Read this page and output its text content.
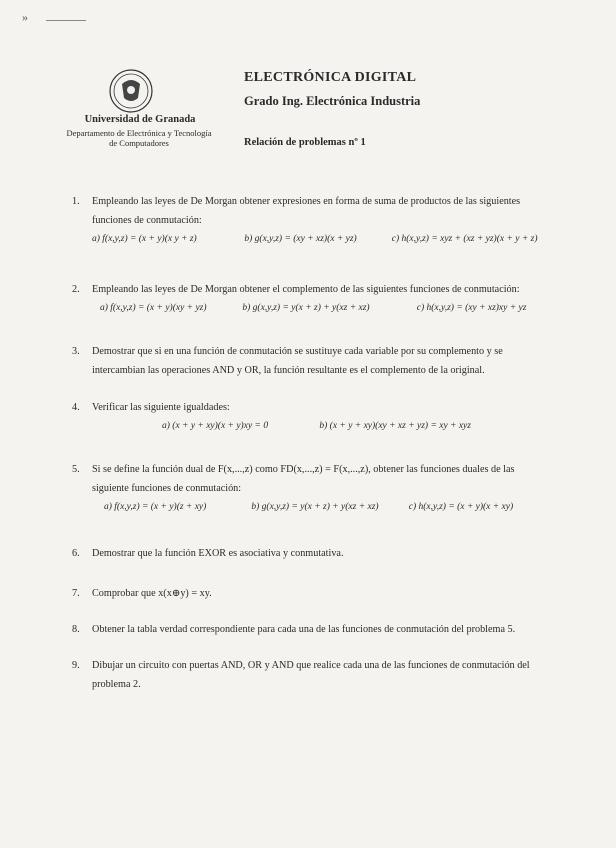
»
Universidad de Granada
Departamento de Electrónica y Tecnología
de Computadores
ELECTRÓNICA DIGITAL
Grado Ing. Electrónica Industria
Relación de problemas nº 1
1.	Empleando las leyes de De Morgan obtener expresiones en forma de suma de productos de las siguientes funciones de conmutación:
a) f(x,y,z) = (x + y)(x y + z)	b) g(x,y,z) = (xy + xz)(x + yz)	c) h(x,y,z) = xyz + (xz + yz)(x + y + z)
2.	Empleando las leyes de De Morgan obtener el complemento de las siguientes funciones de conmutación:
a) f(x,y,z) = (x + y)(xy + yz)	b) g(x,y,z) = y(x + z) + y(xz + xz)	c) h(x,y,z) = (xy + xz)xy + yz
3.	Demostrar que si en una función de conmutación se sustituye cada variable por su complemento y se intercambian las operaciones AND y OR, la función resultante es el complemento de la original.
4.	Verificar las siguiente igualdades:
a) (x + y + xy)(x + y)xy = 0	b) (x + y + xy)(xy + xz + yz) = xy + xyz
5.	Si se define la función dual de F(x,...,z) como FD(x,...,z) = F(x,...,z), obtener las funciones duales de las siguiente funciones de conmutación:
a) f(x,y,z) = (x + y)(z + xy)	b) g(x,y,z) = y(x + z) + y(xz + xz)	c) h(x,y,z) = (x + y)(x + xy)
6.	Demostrar que la función EXOR es asociativa y conmutativa.
7.	Comprobar que x(x⊕y) = xy.
8.	Obtener la tabla verdad correspondiente para cada una de las funciones de conmutación del problema 5.
9.	Dibujar un circuito con puertas AND, OR y AND que realice cada una de las funciones de conmutación del problema 2.
